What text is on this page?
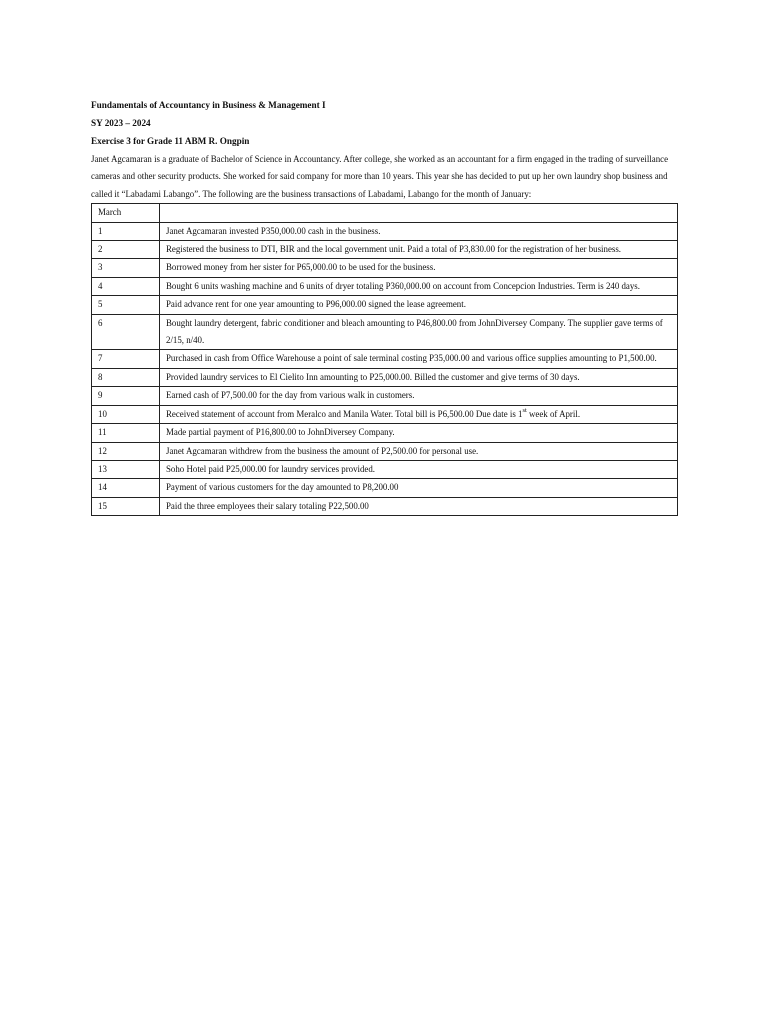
Fundamentals of Accountancy in Business & Management I
SY 2023 – 2024
Exercise 3 for Grade 11 ABM R. Ongpin
Janet Agcamaran is a graduate of Bachelor of Science in Accountancy. After college, she worked as an accountant for a firm engaged in the trading of surveillance cameras and other security products. She worked for said company for more than 10 years. This year she has decided to put up her own laundry shop business and called it “Labadami Labango”. The following are the business transactions of Labadami, Labango for the month of January:
March	
1	Janet Agcamaran invested P350,000.00 cash in the business.
2	Registered the business to DTI, BIR and the local government unit. Paid a total of P3,830.00 for the registration of her business.
3	Borrowed money from her sister for P65,000.00 to be used for the business.
4	Bought 6 units washing machine and 6 units of dryer totaling P360,000.00 on account from Concepcion Industries. Term is 240 days.
5	Paid advance rent for one year amounting to P96,000.00 signed the lease agreement.
6	Bought laundry detergent, fabric conditioner and bleach amounting to P46,800.00 from JohnDiversey Company. The supplier gave terms of 2/15, n/40.
7	Purchased in cash from Office Warehouse a point of sale terminal costing P35,000.00 and various office supplies amounting to P1,500.00.
8	Provided laundry services to El Cielito Inn amounting to P25,000.00. Billed the customer and give terms of 30 days.
9	Earned cash of P7,500.00 for the day from various walk in customers.
10	Received statement of account from Meralco and Manila Water. Total bill is P6,500.00 Due date is 1st week of April.
11	Made partial payment of P16,800.00 to JohnDiversey Company.
12	Janet Agcamaran withdrew from the business the amount of P2,500.00 for personal use.
13	Soho Hotel paid P25,000.00 for laundry services provided.
14	Payment of various customers for the day amounted to P8,200.00
15	Paid the three employees their salary totaling P22,500.00
